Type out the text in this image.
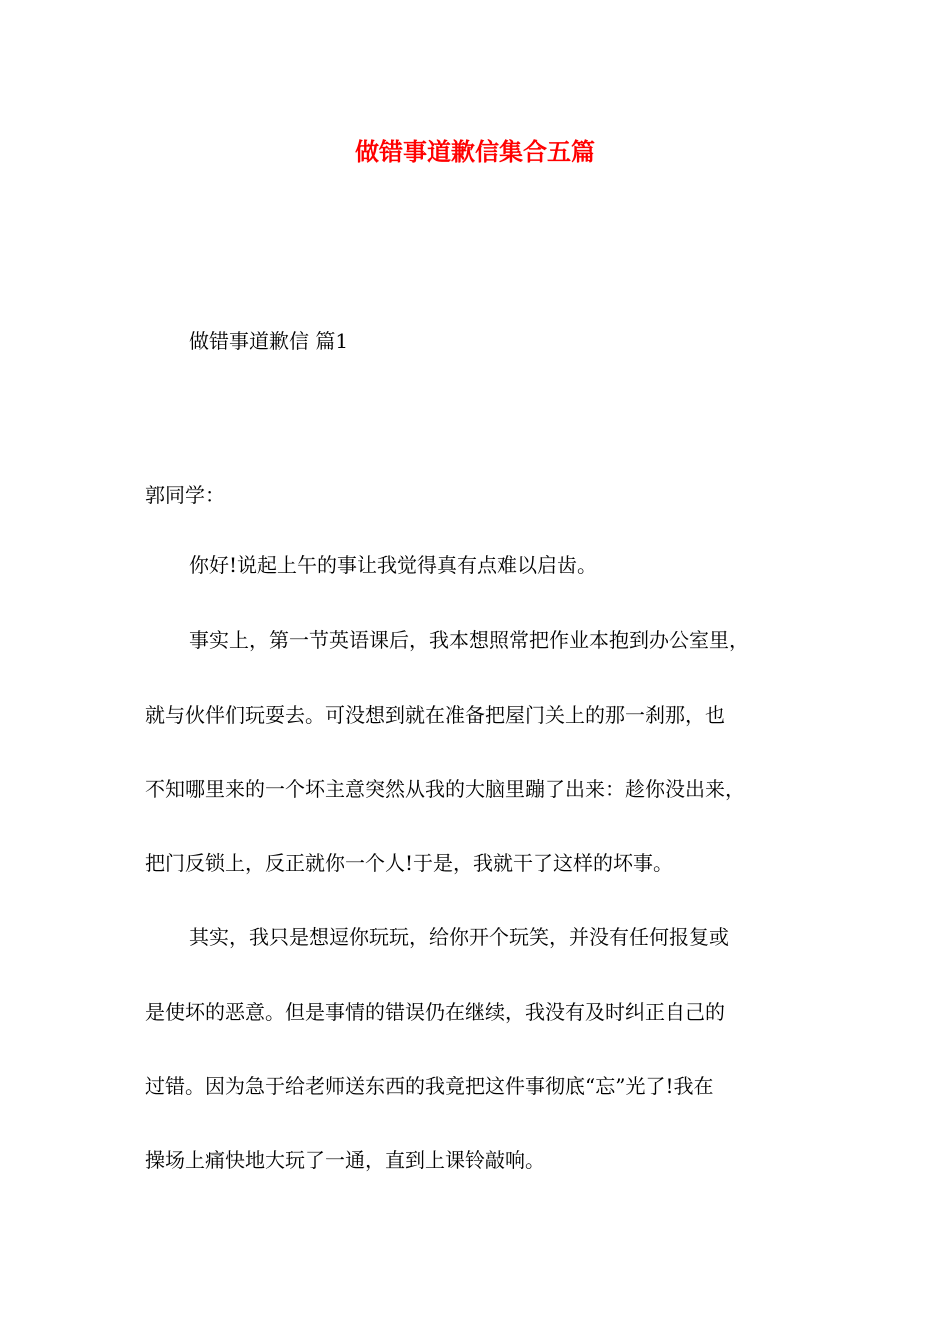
做错事道歉信集合五篇
做错事道歉信 篇1
郭同学：
你好!说起上午的事让我觉得真有点难以启齿。
事实上，第一节英语课后，我本想照常把作业本抱到办公室里，
就与伙伴们玩耍去。可没想到就在准备把屋门关上的那一刹那，也
不知哪里来的一个坏主意突然从我的大脑里蹦了出来：趁你没出来，
把门反锁上，反正就你一个人!于是，我就干了这样的坏事。
其实，我只是想逗你玩玩，给你开个玩笑，并没有任何报复或
是使坏的恶意。但是事情的错误仍在继续，我没有及时纠正自己的
过错。因为急于给老师送东西的我竟把这件事彻底“忘”光了!我在
操场上痛快地大玩了一通，直到上课铃敲响。
